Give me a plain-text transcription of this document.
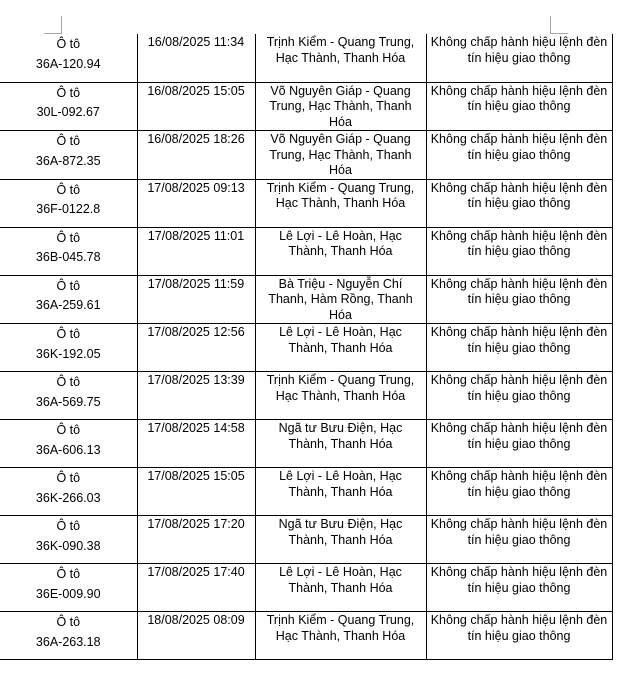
Ô tô
36A-120.94	16/08/2025 11:34	Trịnh Kiểm - Quang Trung, Hạc Thành, Thanh Hóa	Không chấp hành hiệu lệnh đèn tín hiệu giao thông

Ô tô
30L-092.67	16/08/2025 15:05	Võ Nguyên Giáp - Quang Trung, Hạc Thành, Thanh Hóa	Không chấp hành hiệu lệnh đèn tín hiệu giao thông

Ô tô
36A-872.35	16/08/2025 18:26	Võ Nguyên Giáp - Quang Trung, Hạc Thành, Thanh Hóa	Không chấp hành hiệu lệnh đèn tín hiệu giao thông

Ô tô
36F-0122.8	17/08/2025 09:13	Trịnh Kiểm - Quang Trung, Hạc Thành, Thanh Hóa	Không chấp hành hiệu lệnh đèn tín hiệu giao thông

Ô tô
36B-045.78	17/08/2025 11:01	Lê Lợi - Lê Hoàn, Hạc Thành, Thanh Hóa	Không chấp hành hiệu lệnh đèn tín hiệu giao thông

Ô tô
36A-259.61	17/08/2025 11:59	Bà Triệu - Nguyễn Chí Thanh, Hàm Rồng, Thanh Hóa	Không chấp hành hiệu lệnh đèn tín hiệu giao thông

Ô tô
36K-192.05	17/08/2025 12:56	Lê Lợi - Lê Hoàn, Hạc Thành, Thanh Hóa	Không chấp hành hiệu lệnh đèn tín hiệu giao thông

Ô tô
36A-569.75	17/08/2025 13:39	Trịnh Kiểm - Quang Trung, Hạc Thành, Thanh Hóa	Không chấp hành hiệu lệnh đèn tín hiệu giao thông

Ô tô
36A-606.13	17/08/2025 14:58	Ngã tư Bưu Điện, Hạc Thành, Thanh Hóa	Không chấp hành hiệu lệnh đèn tín hiệu giao thông

Ô tô
36K-266.03	17/08/2025 15:05	Lê Lợi - Lê Hoàn, Hạc Thành, Thanh Hóa	Không chấp hành hiệu lệnh đèn tín hiệu giao thông

Ô tô
36K-090.38	17/08/2025 17:20	Ngã tư Bưu Điện, Hạc Thành, Thanh Hóa	Không chấp hành hiệu lệnh đèn tín hiệu giao thông

Ô tô
36E-009.90	17/08/2025 17:40	Lê Lợi - Lê Hoàn, Hạc Thành, Thanh Hóa	Không chấp hành hiệu lệnh đèn tín hiệu giao thông

Ô tô
36A-263.18	18/08/2025 08:09	Trịnh Kiểm - Quang Trung, Hạc Thành, Thanh Hóa	Không chấp hành hiệu lệnh đèn tín hiệu giao thông
